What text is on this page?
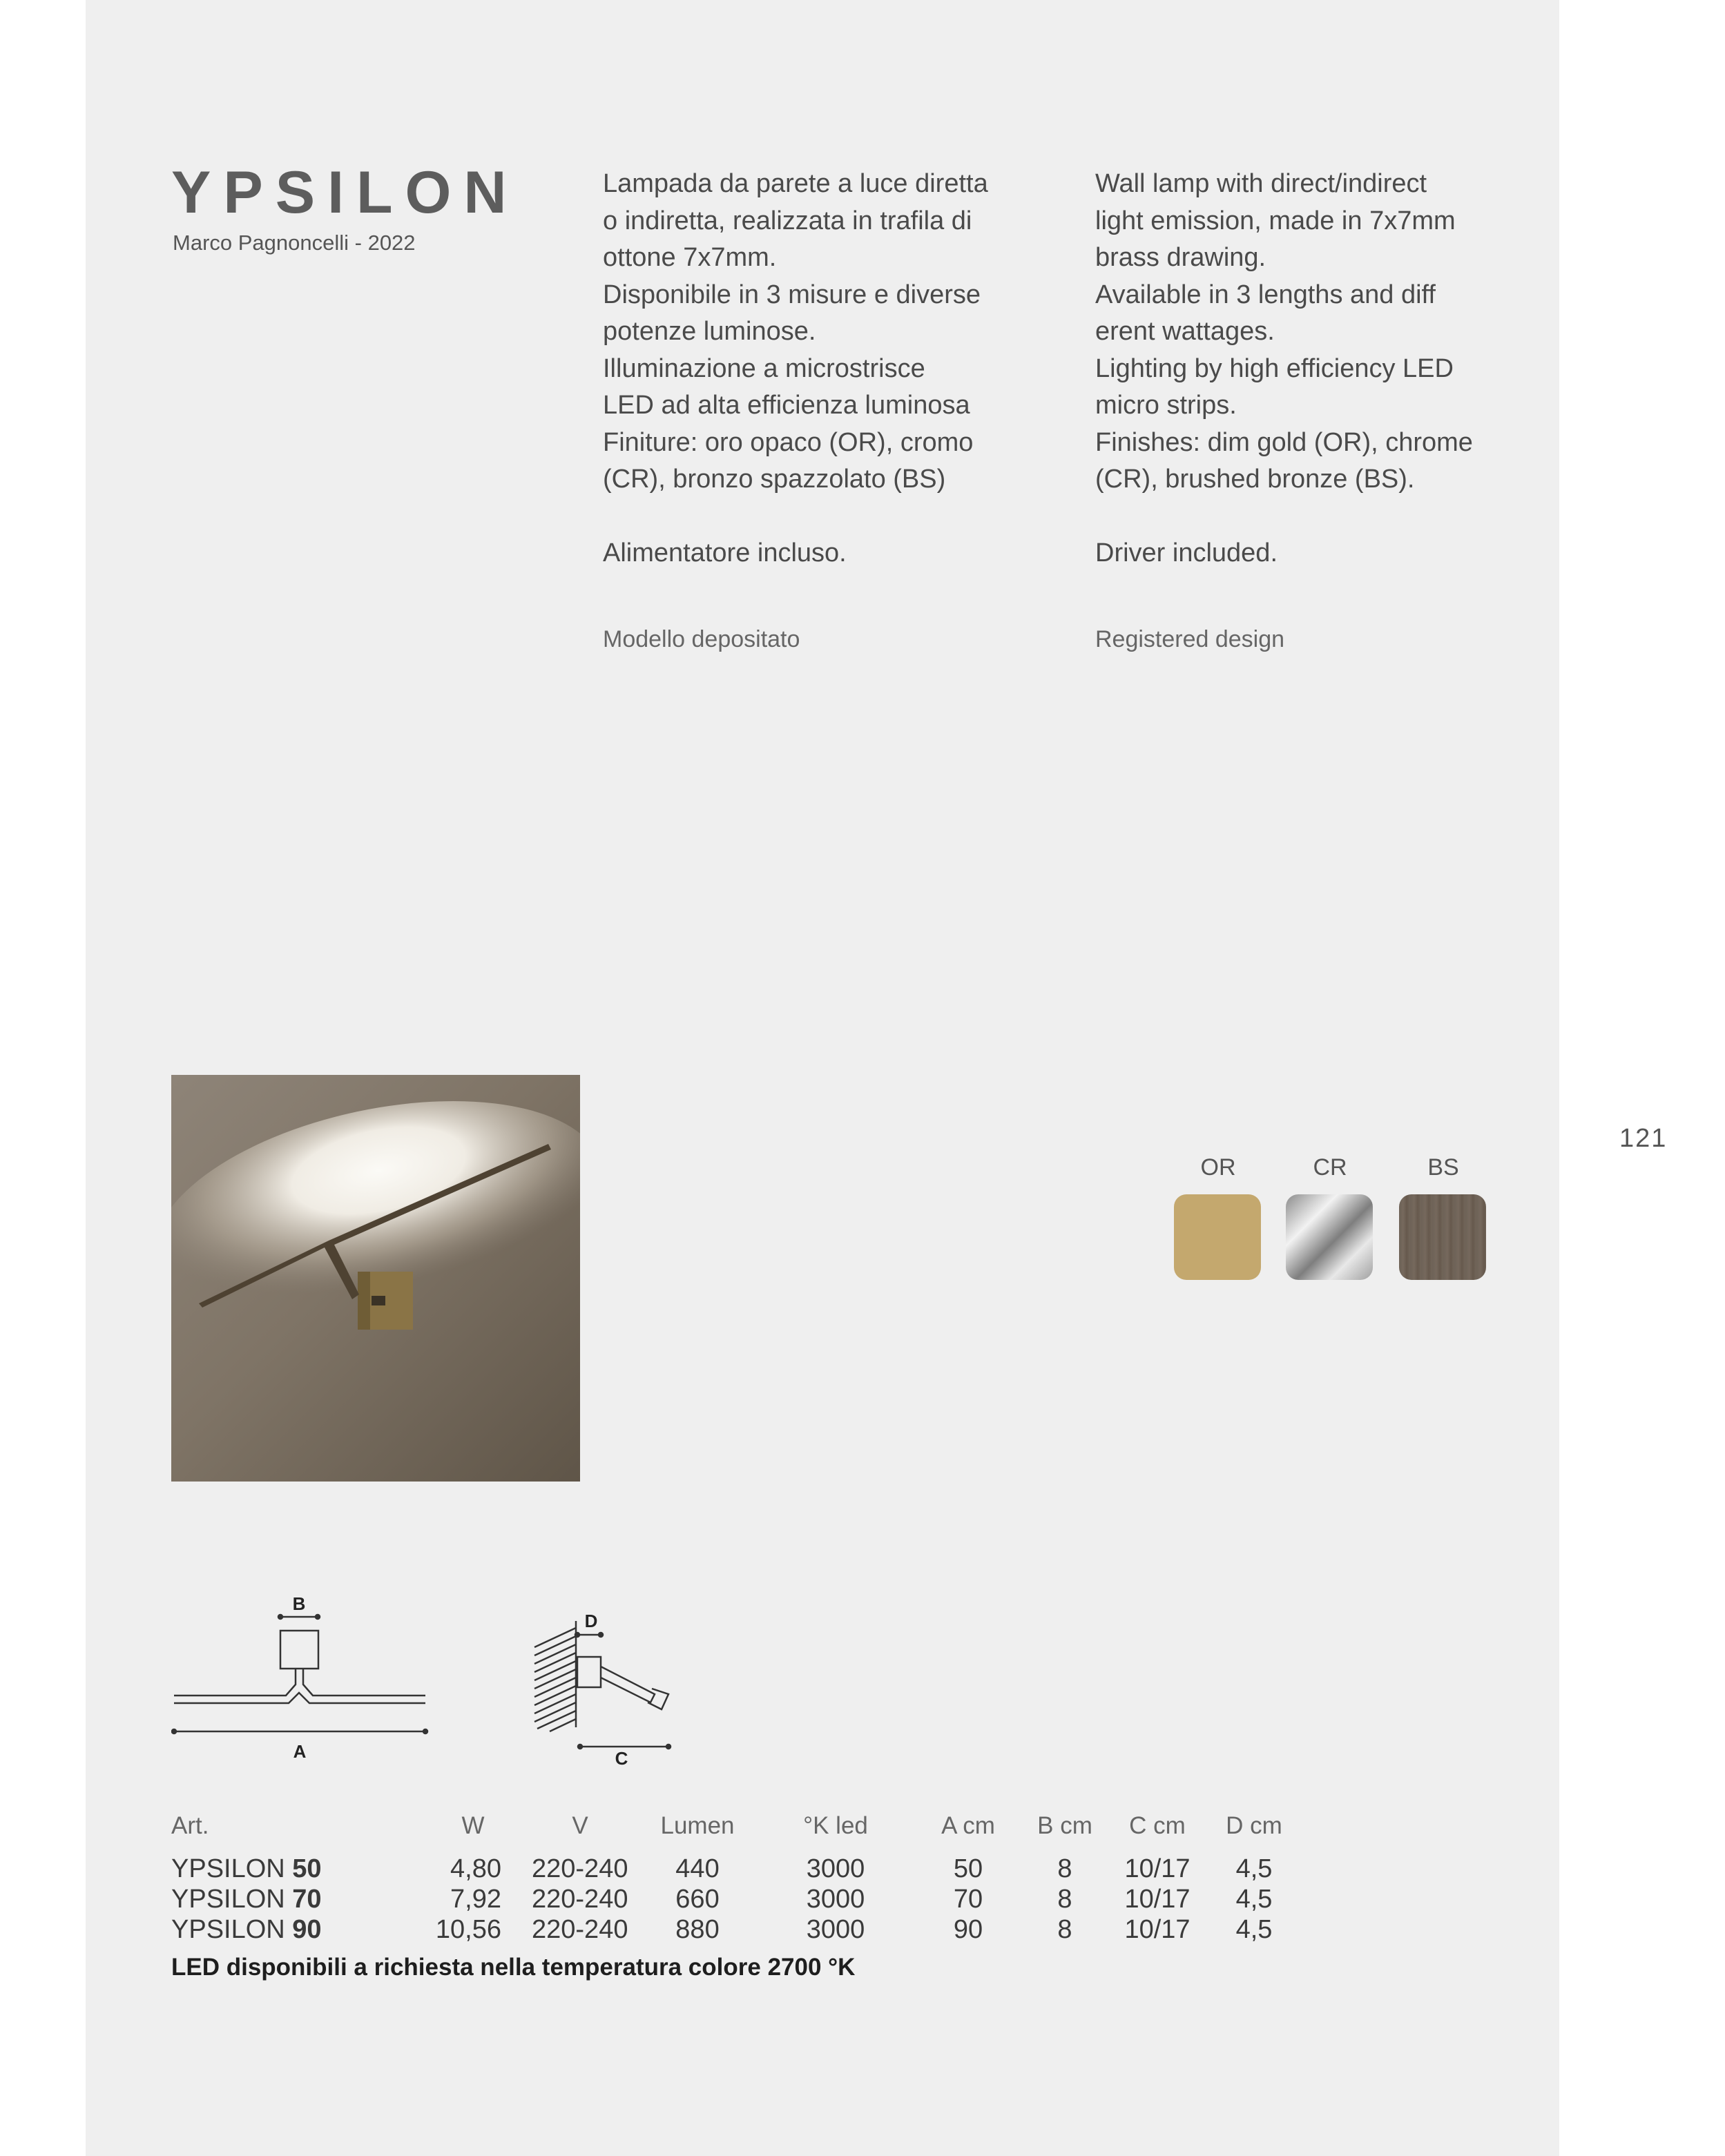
YPSILON
Marco Pagnoncelli - 2022

Lampada da parete a luce diretta

o indiretta, realizzata in trafila di

ottone 7x7mm.

Disponibile in 3 misure e diverse

potenze luminose.

Illuminazione a microstrisce

LED ad alta efficienza luminosa

Finiture: oro opaco (OR), cromo

(CR), bronzo spazzolato (BS)

Alimentatore incluso.

Modello depositato

Wall lamp with direct/indirect

light emission, made in 7x7mm

brass drawing.

Available in 3 lengths and diff

erent wattages.

Lighting by high efficiency LED

micro strips.

Finishes: dim gold (OR), chrome

(CR), brushed bronze (BS).

Driver included.

Registered design

121
OR	CR	BS
B
A
D
C
Art.	W	V	Lumen	°K led	A cm	B cm	C cm	D cm
YPSILON 50	4,80 220-240	440	3000	50	8	10/17	4,5
YPSILON 70	7,92 220-240	660	3000	70	8	10/17	4,5
YPSILON 90	10,56 220-240	880	3000	90	8	10/17	4,5
LED disponibili a richiesta nella temperatura colore 2700 °K
